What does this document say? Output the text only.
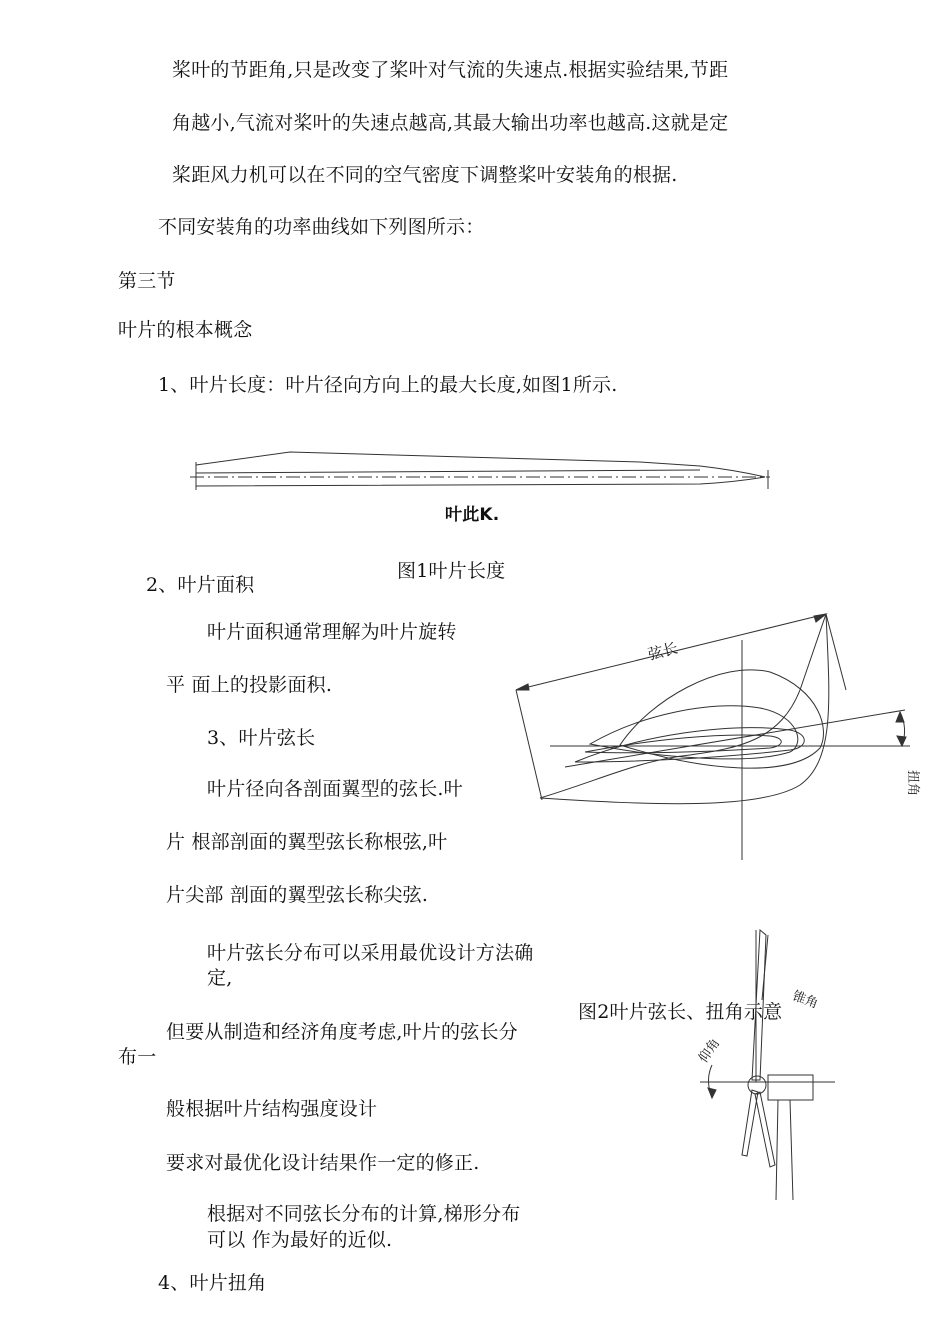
桨叶的节距角,只是改变了桨叶对气流的失速点.根据实验结果,节距
角越小,气流对桨叶的失速点越高,其最大输出功率也越高.这就是定
桨距风力机可以在不同的空气密度下调整桨叶安装角的根据.
不同安装角的功率曲线如下列图所示：
第三节
叶片的根本概念
1、叶片长度：叶片径向方向上的最大长度,如图1所示.
叶此K.
图1叶片长度
2、叶片面积
叶片面积通常理解为叶片旋转
平 面上的投影面积.
3、叶片弦长
叶片径向各剖面翼型的弦长.叶
片 根部剖面的翼型弦长称根弦,叶
片尖部 剖面的翼型弦长称尖弦.
叶片弦长分布可以采用最优设计方法确
定,
但要从制造和经济角度考虑,叶片的弦长分
布一
般根据叶片结构强度设计
要求对最优化设计结果作一定的修正.
根据对不同弦长分布的计算,梯形分布
可以 作为最好的近似.
4、叶片扭角
弦长
扭角
锥角
仰角
图2叶片弦长、扭角示意
